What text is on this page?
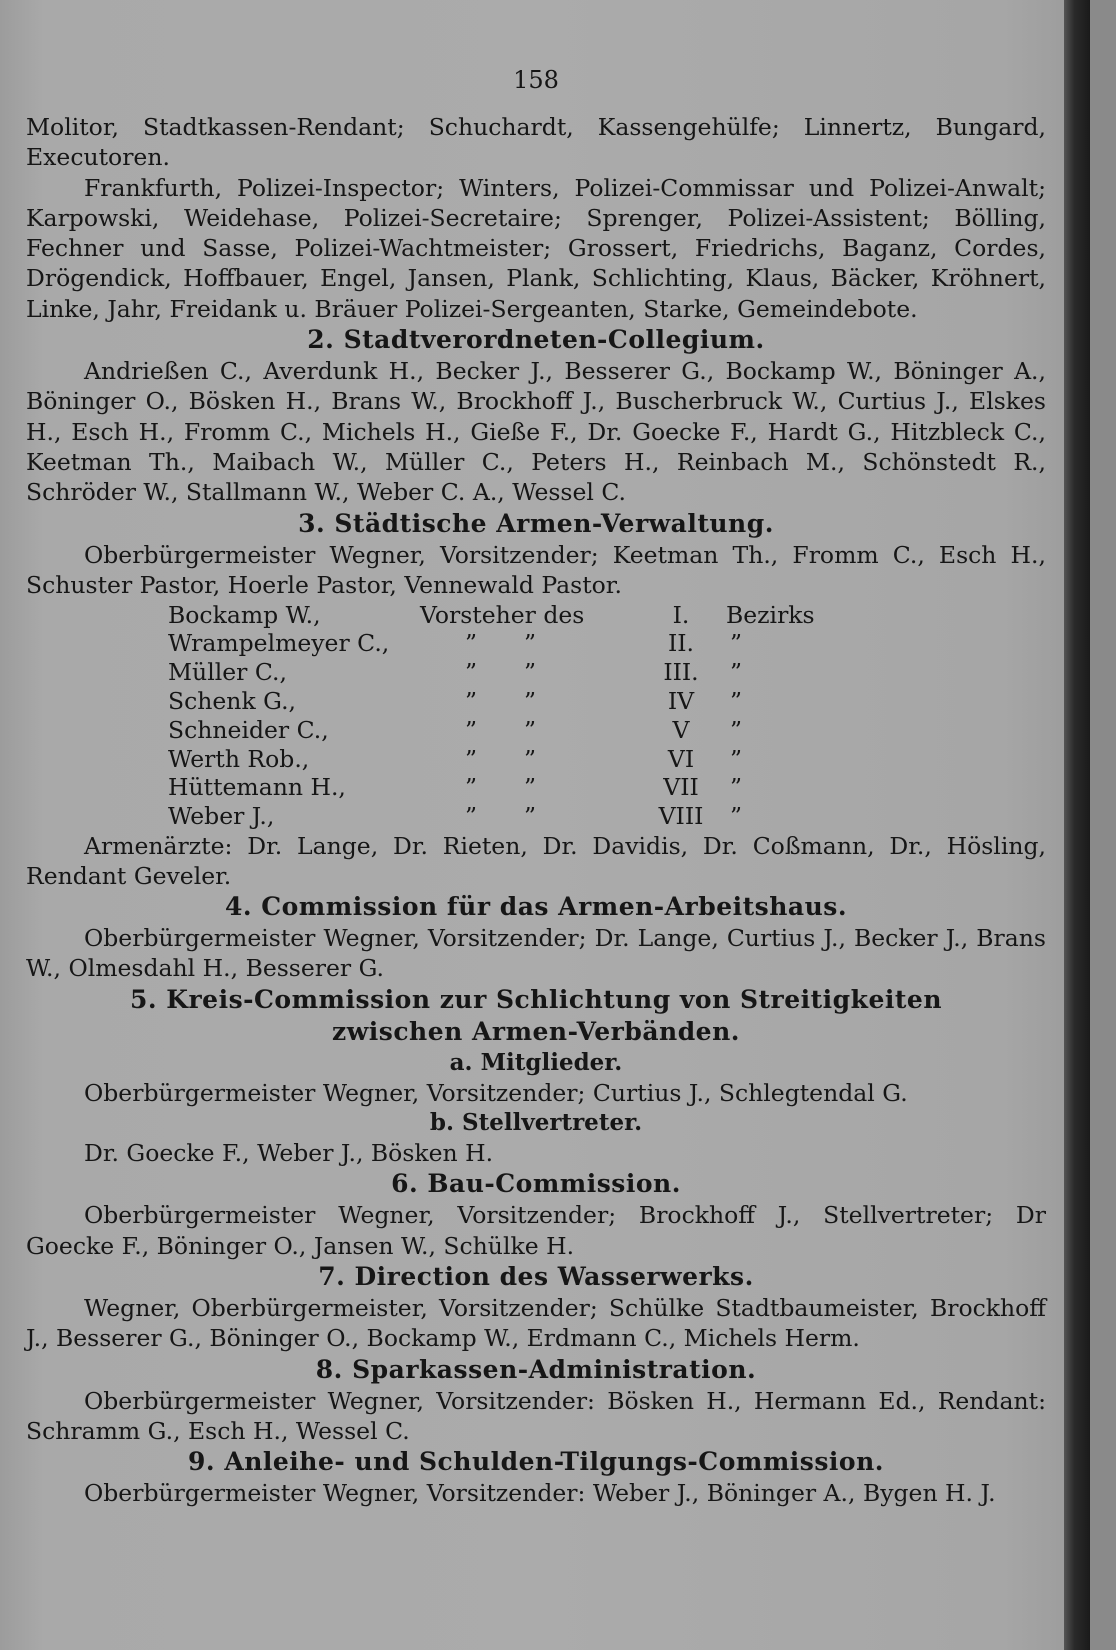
158

Molitor, Stadtkassen-Rendant; Schuchardt, Kassengehülfe; Linnertz, Bungard, Executoren.

Frankfurth, Polizei-Inspector; Winters, Polizei-Commissar und Polizei-Anwalt; Karpowski, Weidehase, Polizei-Secretaire; Sprenger, Polizei-Assistent; Bölling, Fechner und Sasse, Polizei-Wachtmeister; Grossert, Friedrichs, Baganz, Cordes, Drögendick, Hoffbauer, Engel, Jansen, Plank, Schlichting, Klaus, Bäcker, Kröhnert, Linke, Jahr, Freidank u. Bräuer Polizei-Sergeanten, Starke, Gemeindebote.

2. Stadtverordneten-Collegium.

Andrießen C., Averdunk H., Becker J., Besserer G., Bockamp W., Böninger A., Böninger O., Bösken H., Brans W., Brockhoff J., Buscherbruck W., Curtius J., Elskes H., Esch H., Fromm C., Michels H., Gieße F., Dr. Goecke F., Hardt G., Hitzbleck C., Keetman Th., Maibach W., Müller C., Peters H., Reinbach M., Schönstedt R., Schröder W., Stallmann W., Weber C. A., Wessel C.

3. Städtische Armen-Verwaltung.

Oberbürgermeister Wegner, Vorsitzender; Keetman Th., Fromm C., Esch H., Schuster Pastor, Hoerle Pastor, Vennewald Pastor.

Bockamp W.,	Vorsteher des	I.	Bezirks
Wrampelmeyer C.,	” ”	II.	”
Müller C.,	” ”	III.	”
Schenk G.,	” ”	IV	”
Schneider C.,	” ”	V	”
Werth Rob.,	” ”	VI	”
Hüttemann H.,	” ”	VII	”
Weber J.,	” ”	VIII	”

Armenärzte: Dr. Lange, Dr. Rieten, Dr. Davidis, Dr. Coßmann, Dr., Hösling, Rendant Geveler.

4. Commission für das Armen-Arbeitshaus.

Oberbürgermeister Wegner, Vorsitzender; Dr. Lange, Curtius J., Becker J., Brans W., Olmesdahl H., Besserer G.

5. Kreis-Commission zur Schlichtung von Streitigkeiten
zwischen Armen-Verbänden.
a. Mitglieder.

Oberbürgermeister Wegner, Vorsitzender; Curtius J., Schlegtendal G.

b. Stellvertreter.

Dr. Goecke F., Weber J., Bösken H.

6. Bau-Commission.

Oberbürgermeister Wegner, Vorsitzender; Brockhoff J., Stellvertreter; Dr Goecke F., Böninger O., Jansen W., Schülke H.

7. Direction des Wasserwerks.

Wegner, Oberbürgermeister, Vorsitzender; Schülke Stadtbaumeister, Brockhoff J., Besserer G., Böninger O., Bockamp W., Erdmann C., Michels Herm.

8. Sparkassen-Administration.

Oberbürgermeister Wegner, Vorsitzender: Bösken H., Hermann Ed., Rendant: Schramm G., Esch H., Wessel C.

9. Anleihe- und Schulden-Tilgungs-Commission.

Oberbürgermeister Wegner, Vorsitzender: Weber J., Böninger A., Bygen H. J.
